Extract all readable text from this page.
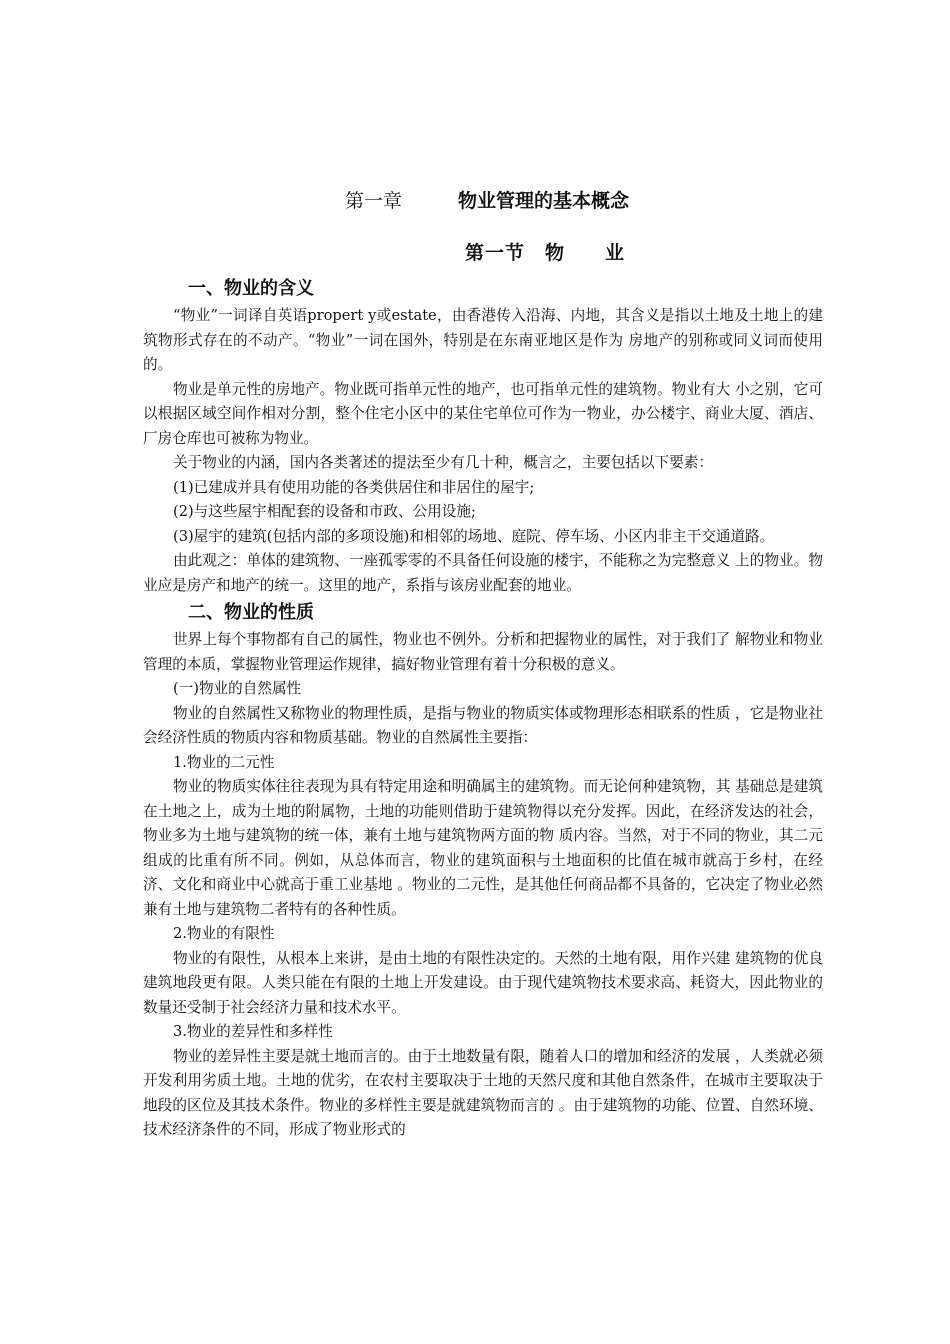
第一章	物业管理的基本概念
第一节　物　　业
一、物业的含义

“物业”一词译自英语propert y或estate，由香港传入沿海、内地，其含义是指以土地及土地上的建筑物形式存在的不动产。“物业”一词在国外，特别是在东南亚地区是作为 房地产的别称或同义词而使用的。

物业是单元性的房地产。物业既可指单元性的地产，也可指单元性的建筑物。物业有大 小之别，它可以根据区域空间作相对分割，整个住宅小区中的某住宅单位可作为一物业，办公楼宇、商业大厦、酒店、厂房仓库也可被称为物业。

关于物业的内涵，国内各类著述的提法至少有几十种，概言之，主要包括以下要素：

(1)已建成并具有使用功能的各类供居住和非居住的屋宇;

(2)与这些屋宇相配套的设备和市政、公用设施;

(3)屋宇的建筑(包括内部的多项设施)和相邻的场地、庭院、停车场、小区内非主干交通道路。

由此观之：单体的建筑物、一座孤零零的不具备任何设施的楼宇，不能称之为完整意义 上的物业。物业应是房产和地产的统一。这里的地产，系指与该房业配套的地业。

二、物业的性质

世界上每个事物都有自己的属性，物业也不例外。分析和把握物业的属性，对于我们了 解物业和物业管理的本质，掌握物业管理运作规律，搞好物业管理有着十分积极的意义。

(一)物业的自然属性

物业的自然属性又称物业的物理性质，是指与物业的物质实体或物理形态相联系的性质 ，它是物业社会经济性质的物质内容和物质基础。物业的自然属性主要指：

1.物业的二元性

物业的物质实体往往表现为具有特定用途和明确属主的建筑物。而无论何种建筑物，其 基础总是建筑在土地之上，成为土地的附属物，土地的功能则借助于建筑物得以充分发挥。因此，在经济发达的社会，物业多为土地与建筑物的统一体，兼有土地与建筑物两方面的物 质内容。当然，对于不同的物业，其二元组成的比重有所不同。例如，从总体而言，物业的建筑面积与土地面积的比值在城市就高于乡村，在经济、文化和商业中心就高于重工业基地 。物业的二元性，是其他任何商品都不具备的，它决定了物业必然兼有土地与建筑物二者特有的各种性质。

2.物业的有限性

物业的有限性，从根本上来讲，是由土地的有限性决定的。天然的土地有限，用作兴建 建筑物的优良建筑地段更有限。人类只能在有限的土地上开发建设。由于现代建筑物技术要求高、耗资大，因此物业的数量还受制于社会经济力量和技术水平。

3.物业的差异性和多样性

物业的差异性主要是就土地而言的。由于土地数量有限，随着人口的增加和经济的发展 ，人类就必须开发利用劣质土地。土地的优劣，在农村主要取决于土地的天然尺度和其他自然条件，在城市主要取决于地段的区位及其技术条件。物业的多样性主要是就建筑物而言的 。由于建筑物的功能、位置、自然环境、技术经济条件的不同，形成了物业形式的
